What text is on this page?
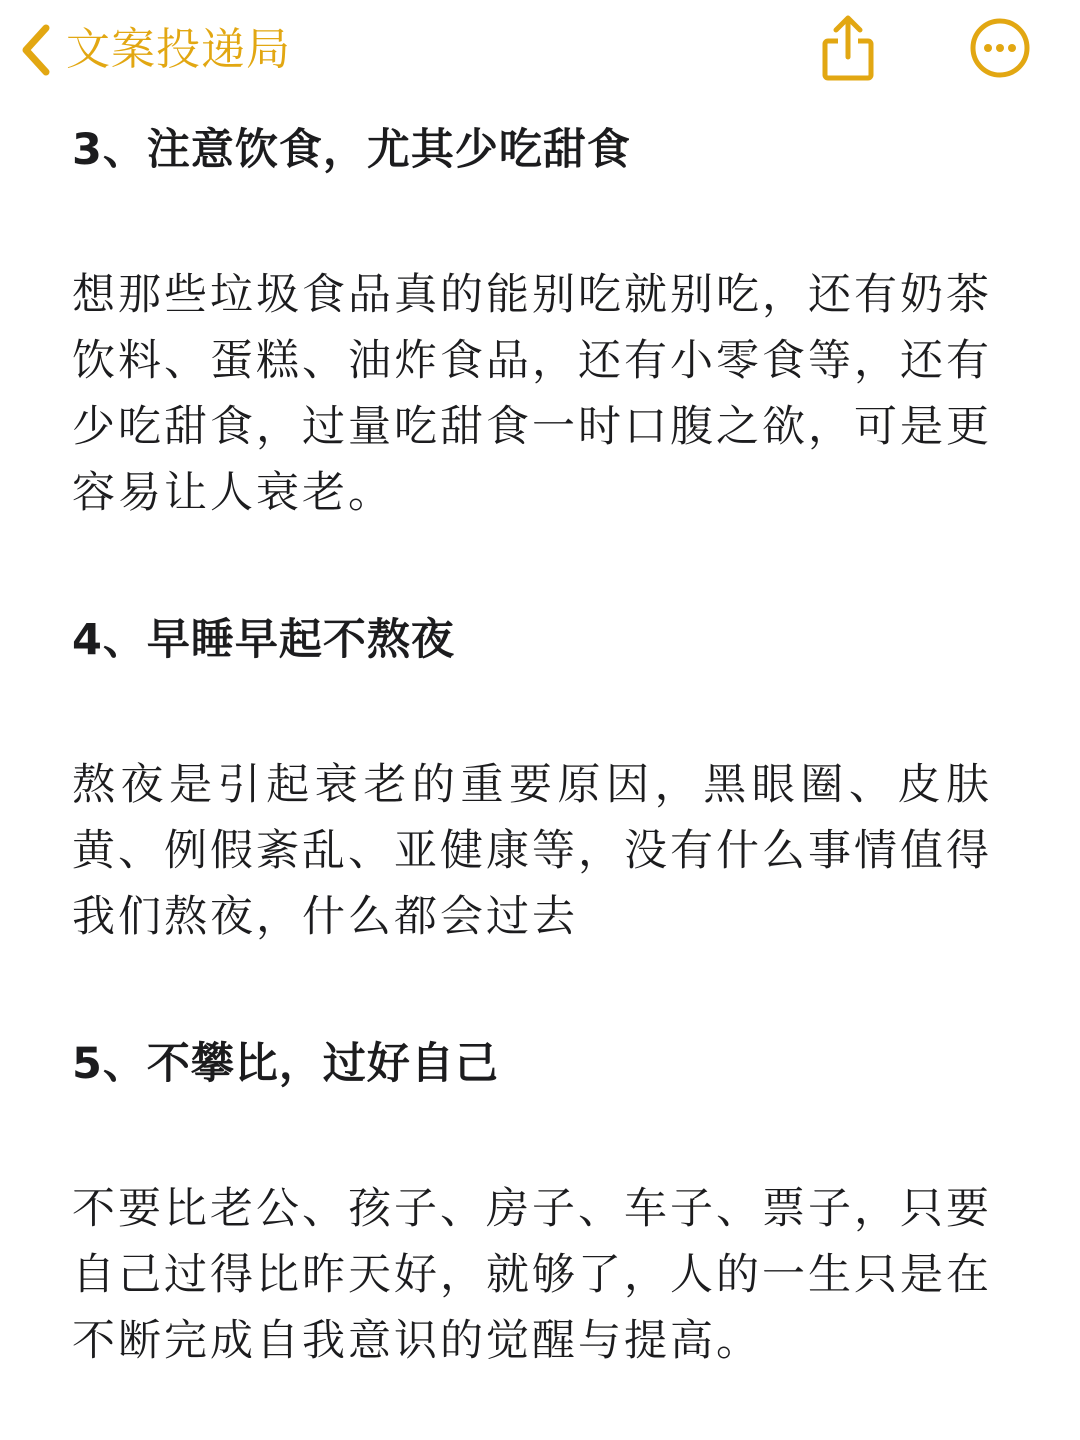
文案投递局
3、注意饮食，尤其少吃甜食

想那些垃圾食品真的能别吃就别吃，还有奶茶饮料、蛋糕、油炸食品，还有小零食等，还有少吃甜食，过量吃甜食一时口腹之欲，可是更容易让人衰老。

4、早睡早起不熬夜

熬夜是引起衰老的重要原因，黑眼圈、皮肤黄、例假紊乱、亚健康等，没有什么事情值得我们熬夜，什么都会过去

5、不攀比，过好自己

不要比老公、孩子、房子、车子、票子，只要自己过得比昨天好，就够了，人的一生只是在不断完成自我意识的觉醒与提高。
